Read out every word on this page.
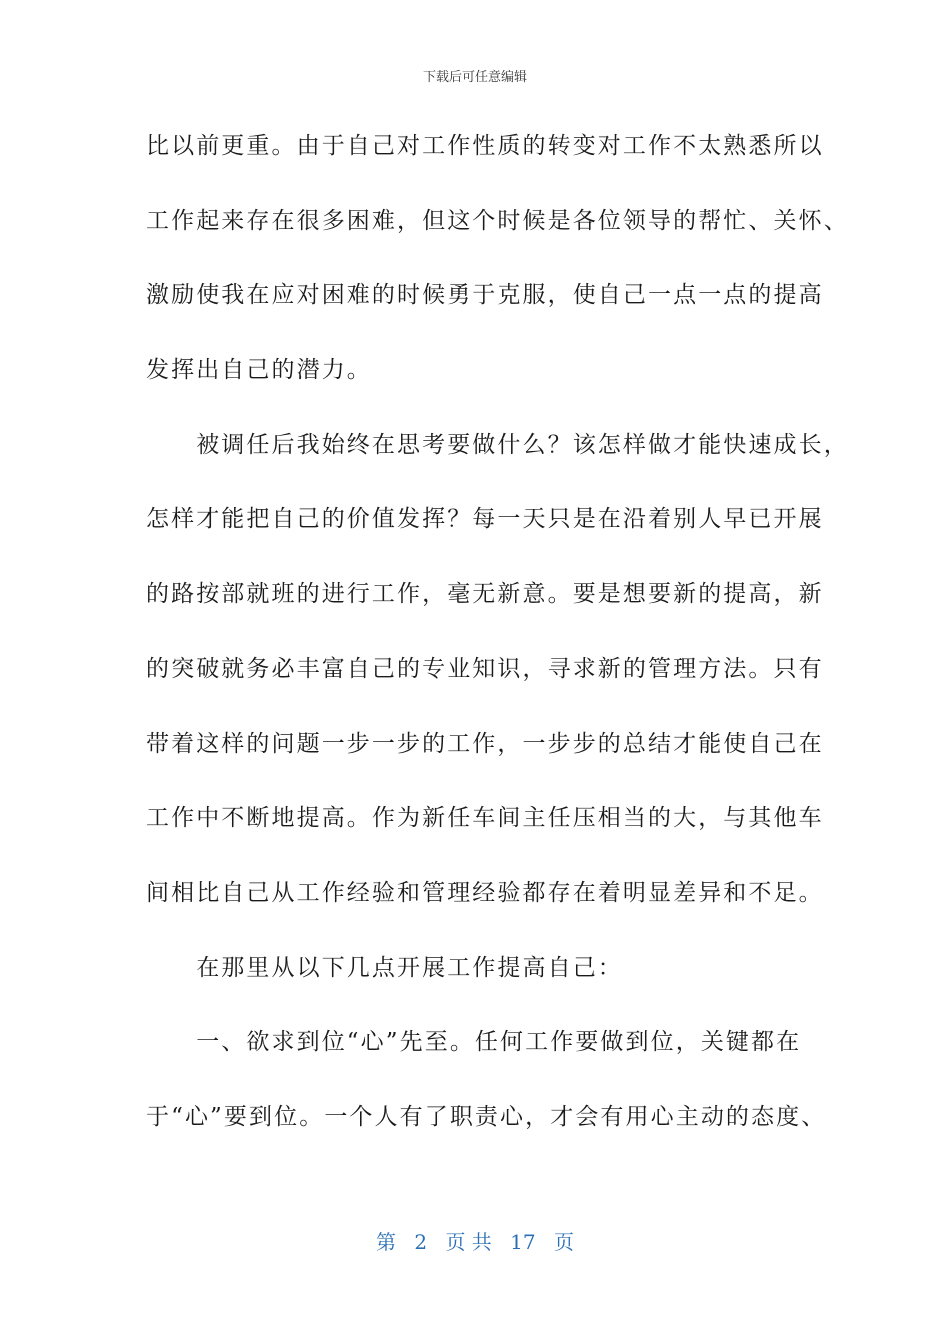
下载后可任意编辑
比以前更重。由于自己对工作性质的转变对工作不太熟悉所以
工作起来存在很多困难，但这个时候是各位领导的帮忙、关怀、
激励使我在应对困难的时候勇于克服，使自己一点一点的提高
发挥出自己的潜力。
　　被调任后我始终在思考要做什么？该怎样做才能快速成长，
怎样才能把自己的价值发挥？每一天只是在沿着别人早已开展
的路按部就班的进行工作，毫无新意。要是想要新的提高，新
的突破就务必丰富自己的专业知识，寻求新的管理方法。只有
带着这样的问题一步一步的工作，一步步的总结才能使自己在
工作中不断地提高。作为新任车间主任压相当的大，与其他车
间相比自己从工作经验和管理经验都存在着明显差异和不足。
　　在那里从以下几点开展工作提高自己：
　　一、欲求到位“心”先至。任何工作要做到位，关键都在
于“心”要到位。一个人有了职责心，才会有用心主动的态度、
第 2 页 共 17 页
